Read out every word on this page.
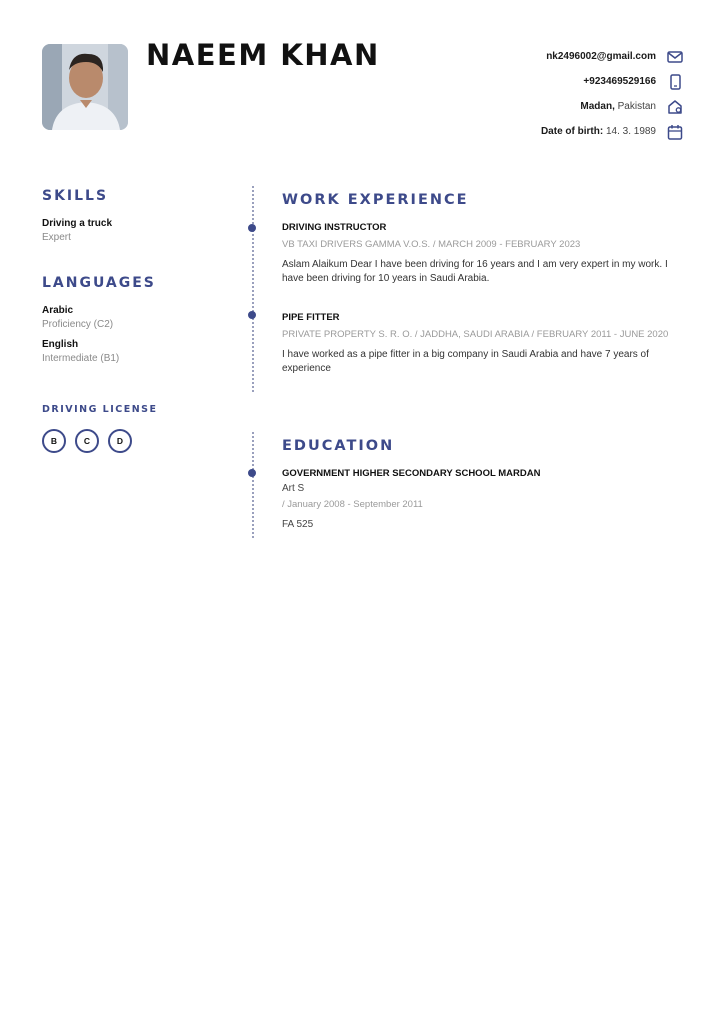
NAEEM KHAN	nk2496002@gmail.com
+923469529166
Madan, Pakistan
Date of birth: 14. 3. 1989
SKILLS
Driving a truck
Expert
LANGUAGES
Arabic
Proficiency (C2)
English
Intermediate (B1)
DRIVING LICENSE
B	C	D
WORK EXPERIENCE
DRIVING INSTRUCTOR
VB TAXI DRIVERS GAMMA V.O.S. / MARCH 2009 - FEBRUARY 2023
Aslam Alaikum Dear I have been driving for 16 years and I am very expert in my work. I have been driving for 10 years in Saudi Arabia.
PIPE FITTER
PRIVATE PROPERTY S. R. O. / JADDHA, SAUDI ARABIA / FEBRUARY 2011 - JUNE 2020
I have worked as a pipe fitter in a big company in Saudi Arabia and have 7 years of experience
EDUCATION
GOVERNMENT HIGHER SECONDARY SCHOOL MARDAN
Art S
/ January 2008 - September 2011
FA 525
